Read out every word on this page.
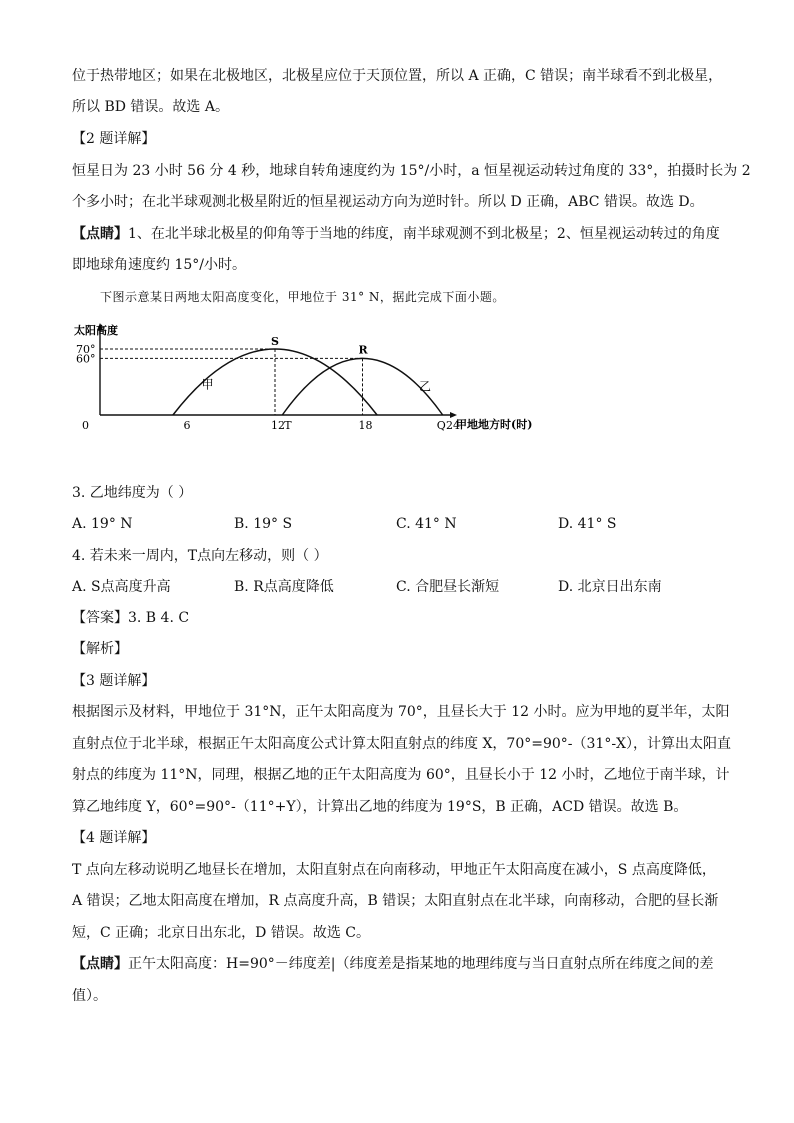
位于热带地区；如果在北极地区，北极星应位于天顶位置，所以 A 正确，C 错误；南半球看不到北极星，
所以 BD 错误。故选 A。
【2 题详解】
恒星日为 23 小时 56 分 4 秒，地球自转角速度约为 15°/小时，a 恒星视运动转过角度的 33°，拍摄时长为 2
个多小时；在北半球观测北极星附近的恒星视运动方向为逆时针。所以 D 正确，ABC 错误。故选 D。
【点睛】1、在北半球北极星的仰角等于当地的纬度，南半球观测不到北极星；2、恒星视运动转过的角度
即地球角速度约 15°/小时。
下图示意某日两地太阳高度变化，甲地位于 31° N，据此完成下面小题。
太阳高度
甲地地方时(时)
70°
60°
0	6	12	18
甲	乙
S
R
T	Q 24
3. 乙地纬度为（ ）
A. 19° N	B. 19° S	C. 41° N	D. 41° S
4. 若未来一周内，T点向左移动，则（ ）
A. S点高度升高	B. R点高度降低	C. 合肥昼长渐短	D. 北京日出东南
【答案】3. B 4. C
【解析】
【3 题详解】
根据图示及材料，甲地位于 31°N，正午太阳高度为 70°，且昼长大于 12 小时。应为甲地的夏半年，太阳
直射点位于北半球，根据正午太阳高度公式计算太阳直射点的纬度 X，70°=90°-（31°-X），计算出太阳直
射点的纬度为 11°N，同理，根据乙地的正午太阳高度为 60°，且昼长小于 12 小时，乙地位于南半球，计
算乙地纬度 Y，60°=90°-（11°+Y），计算出乙地的纬度为 19°S，B 正确，ACD 错误。故选 B。
【4 题详解】
T 点向左移动说明乙地昼长在增加，太阳直射点在向南移动，甲地正午太阳高度在减小，S 点高度降低，
A 错误；乙地太阳高度在增加，R 点高度升高，B 错误；太阳直射点在北半球，向南移动，合肥的昼长渐
短，C 正确；北京日出东北，D 错误。故选 C。
【点睛】正午太阳高度：H=90°－纬度差|（纬度差是指某地的地理纬度与当日直射点所在纬度之间的差
值）。
